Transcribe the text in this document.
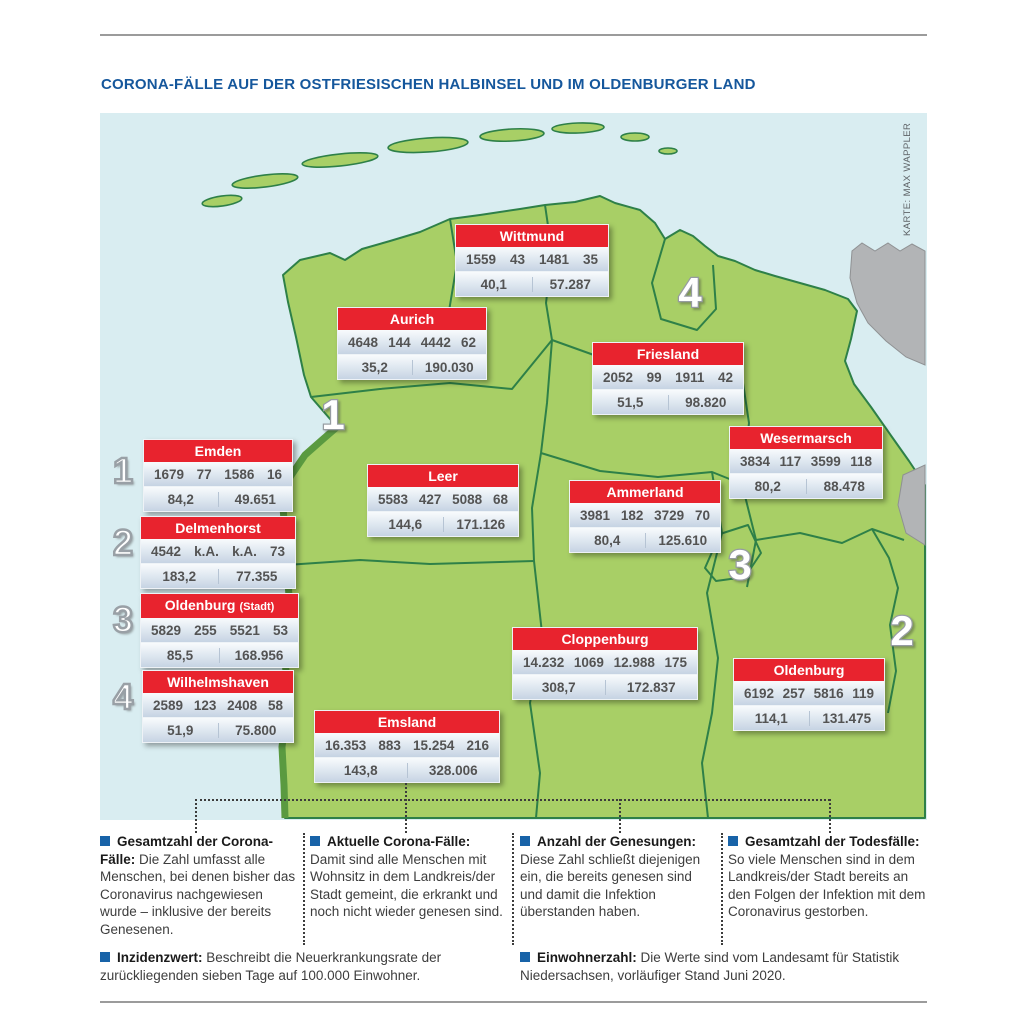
CORONA-FÄLLE AUF DER OSTFRIESISCHEN HALBINSEL UND IM OLDENBURGER LAND
1
4
3
2
1
2
3
4
Wittmund
1559 43 1481 35
40,1	57.287
Aurich
4648 144 4442 62
35,2	190.030
Friesland
2052 99 1911 42
51,5	98.820
Emden
1679 77 1586 16
84,2	49.651
Delmenhorst
4542 k.A. k.A. 73
183,2	77.355
Oldenburg (Stadt)
5829 255 5521 53
85,5	168.956
Wilhelmshaven
2589 123 2408 58
51,9	75.800
Leer
5583 427 5088 68
144,6	171.126
Ammerland
3981 182 3729 70
80,4	125.610
Wesermarsch
3834 117 3599 118
80,2	88.478
Cloppenburg
14.232 1069 12.988 175
308,7	172.837
Oldenburg
6192 257 5816 119
114,1	131.475
Emsland
16.353 883 15.254 216
143,8	328.006
KARTE: MAX WAPPLER
Gesamtzahl der Corona-Fälle: Die Zahl umfasst alle Menschen, bei denen bisher das Coronavirus nachgewiesen wurde – inklusive der bereits Genesenen.
Aktuelle Corona-Fälle: Damit sind alle Menschen mit Wohnsitz in dem Landkreis/der Stadt gemeint, die erkrankt und noch nicht wieder genesen sind.
Anzahl der Genesungen: Diese Zahl schließt diejenigen ein, die bereits genesen sind und damit die Infektion überstanden haben.
Gesamtzahl der Todesfälle: So viele Menschen sind in dem Landkreis/der Stadt bereits an den Folgen der Infektion mit dem Coronavirus gestorben.
Inzidenzwert: Beschreibt die Neuerkrankungsrate der zurückliegenden sieben Tage auf 100.000 Einwohner.
Einwohnerzahl: Die Werte sind vom Landesamt für Statistik Niedersachsen, vorläufiger Stand Juni 2020.
